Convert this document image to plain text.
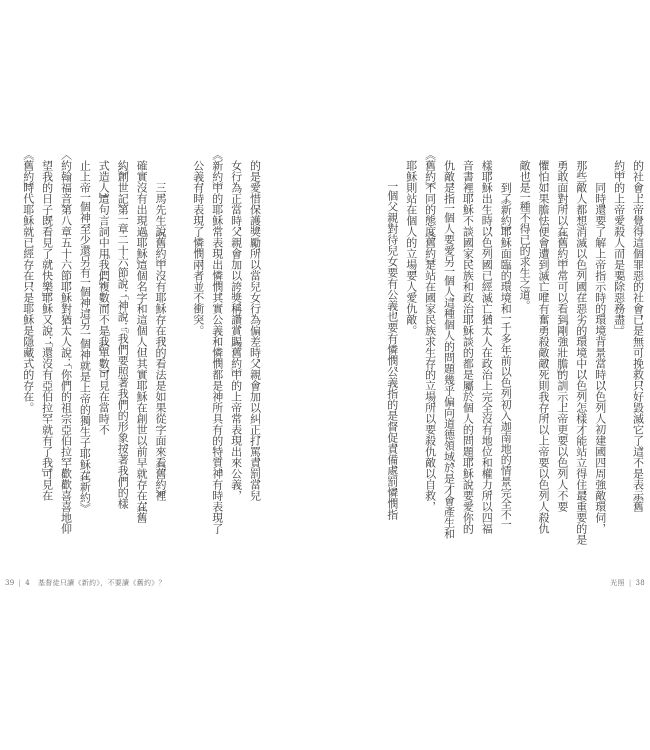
的是愛惜、保護、獎勵，所以當兒女行為偏差時，父親會加以糾正、打罵、責罰，當兒
女行為正當時，父親會加以誇獎、稱讚、賞賜。《舊約》中的上帝常表現出來公義，
《新約》中的耶穌常表現出憐憫，其實公義和憐憫都是神所具有的特質，神有時表現了
公義，有時表現了憐憫，兩者並不衝突。
三、馬先生說《舊約》中沒有耶穌存在，我的看法是如果從字面來看，《舊約》裡
確實沒有出現過「耶穌」這個名字和這個人，但其實耶穌在創世以前早就存在，在《舊
約》〈創世記〉第一章二十六節說：「神說：『我們要照著我們的形象，按著我們的樣
式造人。』」這句言詞中用「我們」（複數），而不是「我」（單數），可見在當時不
止上帝一個神，至少還另有一個神，這另一個神就是上帝的獨生子耶穌。在《新約》
〈約翰福音〉第八章五十六節，耶穌對猶太人說：「你們的祖宗亞伯拉罕歡歡喜喜地仰
望我的日子，既看見了，就快樂。」耶穌又說：「還沒有亞伯拉罕就有了我。」可見在
《舊約》時代耶穌就已經存在，只是耶穌是隱藏式的存在。
39 | 4 基督徒只讀《新約》，不要讀《舊約》？
的社會，上帝覺得這個罪惡的社會，已是無可挽救，只好毀滅它了。這不是表示《舊
約》中的上帝愛殺人，而是要「除惡務盡」。
同時，還要了解上帝指示時的環境背景。當時，以色列人初建國，四周強敵環伺，
那些敵人都想消滅以色列國。在惡劣的環境中，以色列怎樣才能站立得住，最重要的是
勇敢面對，所以在《舊約》中常可以看到「剛強壯膽」的訓示，上帝更要以色列人不要
懼怕，如果膽怯便會遭到滅亡，唯有奮勇殺敵，敵死則我存，所以上帝要以色列人殺仇
敵，也是一種不得已的求生之道。
到了《新約》，耶穌面臨的環境和一千多年前以色列初入迦南地的情景完全不一
樣。耶穌出生時，以色列國已經滅亡，猶太人在政治上完全沒有地位和權力，所以四福
音書裡，耶穌不談國家、民族和政治，耶穌談的都是屬於個人的問題。耶穌說要愛你的
仇敵，是指一個人要愛另一個人，這種個人的問題幾乎偏向道德領域，於是才會產生和
《舊約》不同的態度，《舊約》是站在國家民族求生存的立場，所以要殺仇敵以自救，
耶穌則站在個人的立場，要人愛仇敵。
一個父親對待兒女要有公義，也要有憐憫，公義指的是督促、責備、處罰，憐憫指
光照 | 38
